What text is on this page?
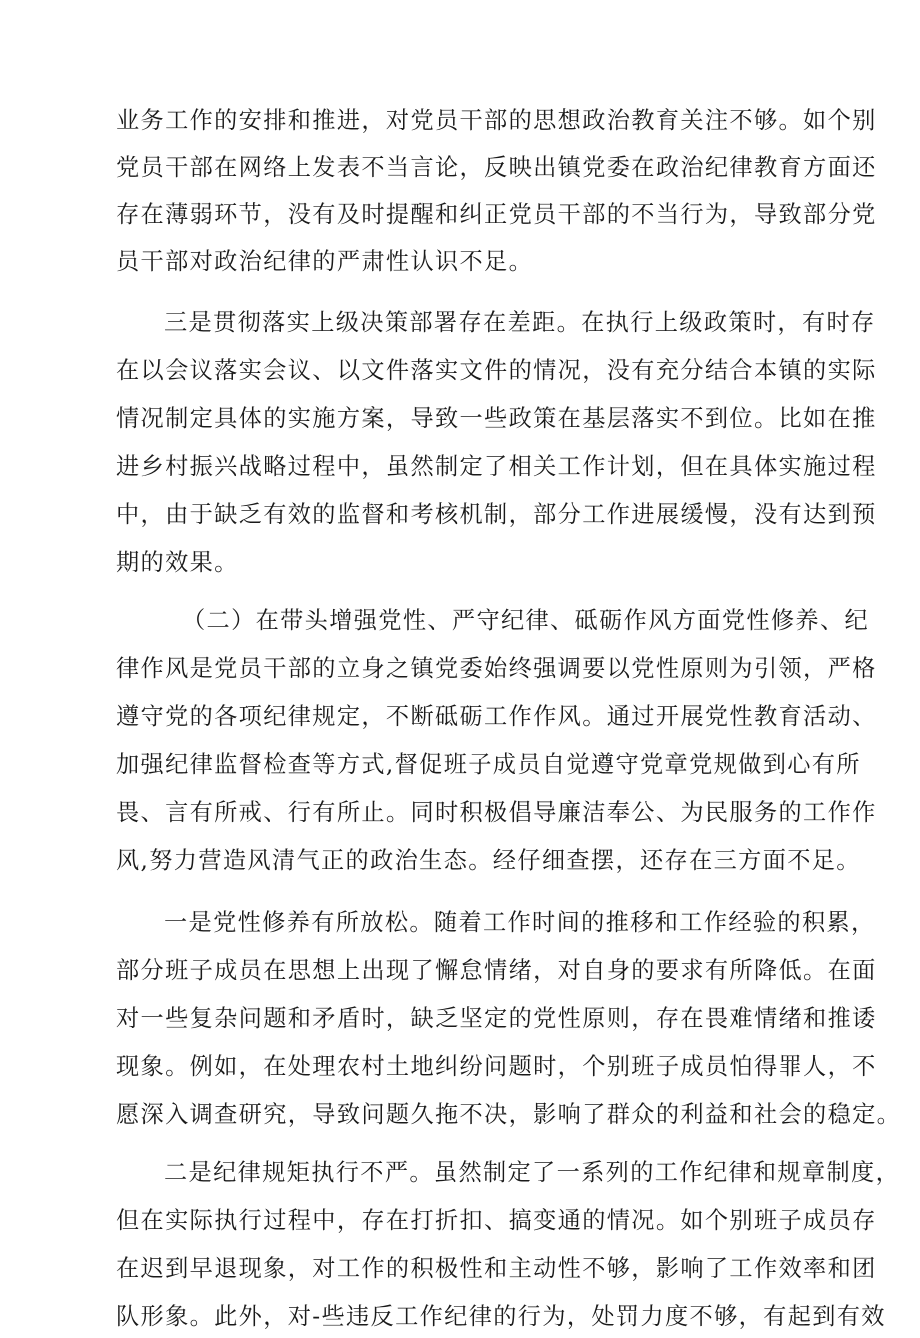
业务工作的安排和推进，对党员干部的思想政治教育关注不够。如个别
党员干部在网络上发表不当言论，反映出镇党委在政治纪律教育方面还
存在薄弱环节，没有及时提醒和纠正党员干部的不当行为，导致部分党
员干部对政治纪律的严肃性认识不足。
三是贯彻落实上级决策部署存在差距。在执行上级政策时，有时存
在以会议落实会议、以文件落实文件的情况，没有充分结合本镇的实际
情况制定具体的实施方案，导致一些政策在基层落实不到位。比如在推
进乡村振兴战略过程中，虽然制定了相关工作计划，但在具体实施过程
中，由于缺乏有效的监督和考核机制，部分工作进展缓慢，没有达到预
期的效果。
（二）在带头增强党性、严守纪律、砥砺作风方面党性修养、纪
律作风是党员干部的立身之镇党委始终强调要以党性原则为引领，严格
遵守党的各项纪律规定，不断砥砺工作作风。通过开展党性教育活动、
加强纪律监督检查等方式,督促班子成员自觉遵守党章党规做到心有所
畏、言有所戒、行有所止。同时积极倡导廉洁奉公、为民服务的工作作
风,努力营造风清气正的政治生态。经仔细查摆，还存在三方面不足。
一是党性修养有所放松。随着工作时间的推移和工作经验的积累，
部分班子成员在思想上出现了懈怠情绪，对自身的要求有所降低。在面
对一些复杂问题和矛盾时，缺乏坚定的党性原则，存在畏难情绪和推诿
现象。例如，在处理农村土地纠纷问题时，个别班子成员怕得罪人，不
愿深入调查研究，导致问题久拖不决，影响了群众的利益和社会的稳定。
二是纪律规矩执行不严。虽然制定了一系列的工作纪律和规章制度，
但在实际执行过程中，存在打折扣、搞变通的情况。如个别班子成员存
在迟到早退现象，对工作的积极性和主动性不够，影响了工作效率和团
队形象。此外，对-些违反工作纪律的行为，处罚力度不够，有起到有效
